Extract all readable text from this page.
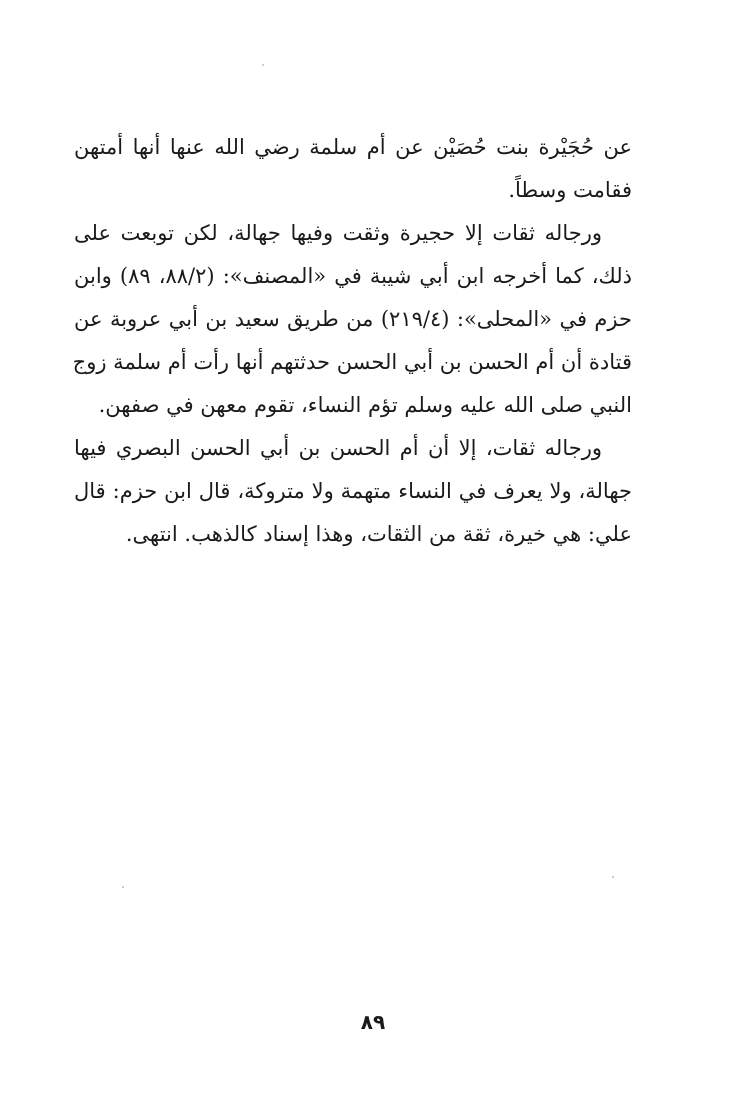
عن حُجَيْرة بنت حُصَيْن عن أم سلمة رضي الله عنها أنها أمتهن
فقامت وسطاً.
ورجاله ثقات إلا حجيرة وثقت وفيها جهالة، لكن توبعت على
ذلك، كما أخرجه ابن أبي شيبة في «المصنف»: (٨٨/٢، ٨٩) وابن
حزم في «المحلى»: (٢١٩/٤) من طريق سعيد بن أبي عروبة عن
قتادة أن أم الحسن بن أبي الحسن حدثتهم أنها رأت أم سلمة زوج
النبي صلى الله عليه وسلم تؤم النساء، تقوم معهن في صفهن.
ورجاله ثقات، إلا أن أم الحسن بن أبي الحسن البصري فيها
جهالة، ولا يعرف في النساء متهمة ولا متروكة، قال ابن حزم: قال
علي: هي خيرة، ثقة من الثقات، وهذا إسناد كالذهب. انتهى.
٨٩
